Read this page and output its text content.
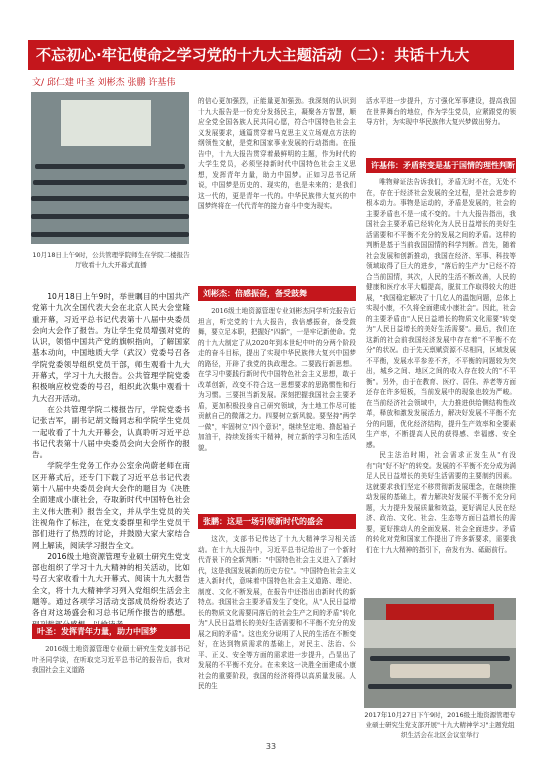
不忘初心·牢记使命之学习党的十九大主题活动（二）：共话十九大
文/ 邱仁建 叶圣 刘彬杰 张鹏 许基伟
10月18日上午9时，公共管理学院师生在学院二楼报告厅收看十九大开幕式直播

10月18日上午9时，举世瞩目的中国共产党第十九次全国代表大会在北京人民大会堂隆重开幕，习近平总书记代表第十八届中央委员会向大会作了报告。为让学生党员增强对党的认识，领悟中国共产党的旗帜指向，了解国家基本动向，中国地质大学（武汉）党委号召各学院党委领导组织党员干部，师生观看十九大开幕式，学习十九大报告。公共管理学院党委积极响应校党委的号召，组织此次集中观看十九大召开活动。

在公共管理学院二楼报告厅，学院党委书记张吉军，副书记胡文翰同志和学院学生党员一起收看了十九大开幕会，认真聆听习近平总书记代表第十八届中央委员会向大会所作的报告。

学院学生党务工作办公室余尚蔚老师在南区开幕式后，还专门下载了习近平总书记代表第十八届中央委员会向大会作的题目为《决胜全面建成小康社会，夺取新时代中国特色社会主义伟大胜利》报告全文，并从学生党员的关注视角作了标注，在党支委群里和学生党员干部们进行了热烈的讨论，并鼓励大家大家结合网上解读，阅读学习报告全文。

2016级土地资源管理专业硕士研究生党支部也组织了学习十九大精神的相关活动，比如号召大家收看十九大开幕式、阅读十九大报告全文，将十九大精神学习列入党组织生活会主题等。通过各项学习活动支部成员纷纷表达了各自对这场盛会和习总书记所作报告的感想。

叶圣：发挥青年力量，助力中国梦

2016级土地资源管理专业硕士研究生党支部书记叶圣同学谈，在听取完习近平总书记的报告后，我对我国社会主义道路

的信心更加强烈，正能量更加强劲。我深刻的认识到十九大报告是一份充分发扬民主，凝聚各方智慧，顺应全党全国各族人民共同心愿，符合中国特色社会主义发展要求，通篇贯穿着马克思主义立场观点方法的纲领性文献，是党和国家事业发展的行动指南。在报告中，十九大报告贯穿着最鲜明的主题，作为时代的大学生党员，必须坚持新时代中国特色社会主义思想，发挥青年力量，助力中国梦。正如习总书记所说，中国梦是历史的、现实的，也是未来的；是我们这一代的，更是青年一代的。中华民族伟大复兴的中国梦终将在一代代青年的接力奋斗中变为现实。

刘彬杰：倍感振奋，备受鼓舞

2016级土地资源管理专业刘彬杰同学听完报告后坦言，听完党的十九大报告，我倍感振奋，备受鼓舞，要立足本职，把握好"四新"，一是牢记新使命。党的十九大制定了从2020年到本世纪中叶的分两个阶段走的奋斗目标，提出了实现中华民族伟大复兴中国梦的路径，开辟了我党的执政理念。二要践行新思想。在学习中要践行新时代中国特色社会主义思想，敢于改革创新，改变不符合这一思想要求的思路惯性和行为习惯。三要担当新发展。深刻把握我国社会主要矛盾，更加积极投身自己研究领域，为土地工作尽可能贡献自己的微薄之力。四要树立新风貌。要坚持"两学一做"，牢固树立"四个意识"，继续坚定地、撸起袖子加油干，持续发扬实干精神，树立新的学习和生活风貌。

张鹏：这是一场引领新时代的盛会

这次，支部书记传达了十九大精神学习相关活动。在十九大报告中，习近平总书记给出了一个新时代背景下的全新判断："中国特色社会主义进入了新时代，这是我国发展新的历史方位"。"中国特色社会主义进入新时代，意味着中国特色社会主义道路、理论、制度、文化不断发展，在报告中还指出由新时代的新特点。我国社会主要矛盾发生了变化，从"人民日益增长的物质文化需要同落后的社会生产之间的矛盾"转化为"人民日益增长的美好生活需要和不平衡不充分的发展之间的矛盾"。这也充分说明了人民的生活在不断变好，在达到物质需求的基础上，对民主、法治、公平、正义、安全等方面的需求进一步提升，凸显出了发展的不平衡不充分。在未来这一决胜全面建成小康社会的重要阶段，我国的经济将得以高质量发展。人民的生

活水平进一步提升，方寸强化军事建设，提高我国在世界舞台的地位，作为学生党员，应紧跟党的领导方针，为实现中华民族伟大复兴梦做出努力。

许基伟：矛盾转变是基于国情的理性判断

唯物辩证法告诉我们，矛盾无时不在，无处不在，存在于经济社会发展的全过程，是社会进步的根本动力。事物是运动的，矛盾是发展的，社会的主要矛盾也不是一成不变的。十九大报告指出，我国社会主要矛盾已经转化为人民日益增长的美好生活需要和不平衡不充分的发展之间的矛盾。这样的判断是基于当前我国国情的科学判断。首先，随着社会发展和创新推动，我国在经济、军事、科技等领域取得了巨大的进步，"落后的生产力"已经不符合当前国情，其次，人民的生活不断改善，人民的健康和医疗水平大幅提高，脱贫工作取得较大的进展，"我国稳定解决了十几亿人的温饱问题，总体上实现小康，不久将全面建成小康社会"。因此，社会的主要矛盾由"人民日益增长的物质文化需要"转变为"人民日益增长的美好生活需要"。最后，我们在这新的社会前我国经济发展中存在着"不平衡不充分"的状况。由于先天禀赋资源不尽相同，区域发展不平衡，发展水平参差不齐，不平衡的问题较为突出，城乡之间、地区之间的收入存在较大的"不平衡"。另外，由于在教育、医疗、居住、养老等方面还存在许多短板，当前发展中的现象也较为严峻。在当前经济社会领域中，大力推进供给侧结构性改革，释放和激发发展活力，解决好发展不平衡不充分的问题，优化经济结构，提升生产效率和全要素生产率，不断提高人民的获得感、幸福感、安全感。

民主法治时期，社会需求正发生从"有没有"向"好不好"的转变。发展的不平衡不充分成为满足人民日益增长的美好生活需要的主要制约因素。这就要求我们坚定不移贯彻新发展理念，在继续推动发展的基础上，着力解决好发展不平衡不充分问题，大力提升发展质量和效益，更好满足人民在经济、政治、文化、社会、生态等方面日益增长的需要，更好推动人的全面发展、社会全面进步。矛盾的转化对党和国家工作提出了许多新要求，需要我们在十九大精神的指引下，奋发有为、砥砺前行。

2017年10月27日下午9时，2016级土地资源管理专业硕士研究生党支部开展"十九大精神学习"主题党组织生活会在北区会议室举行
33
